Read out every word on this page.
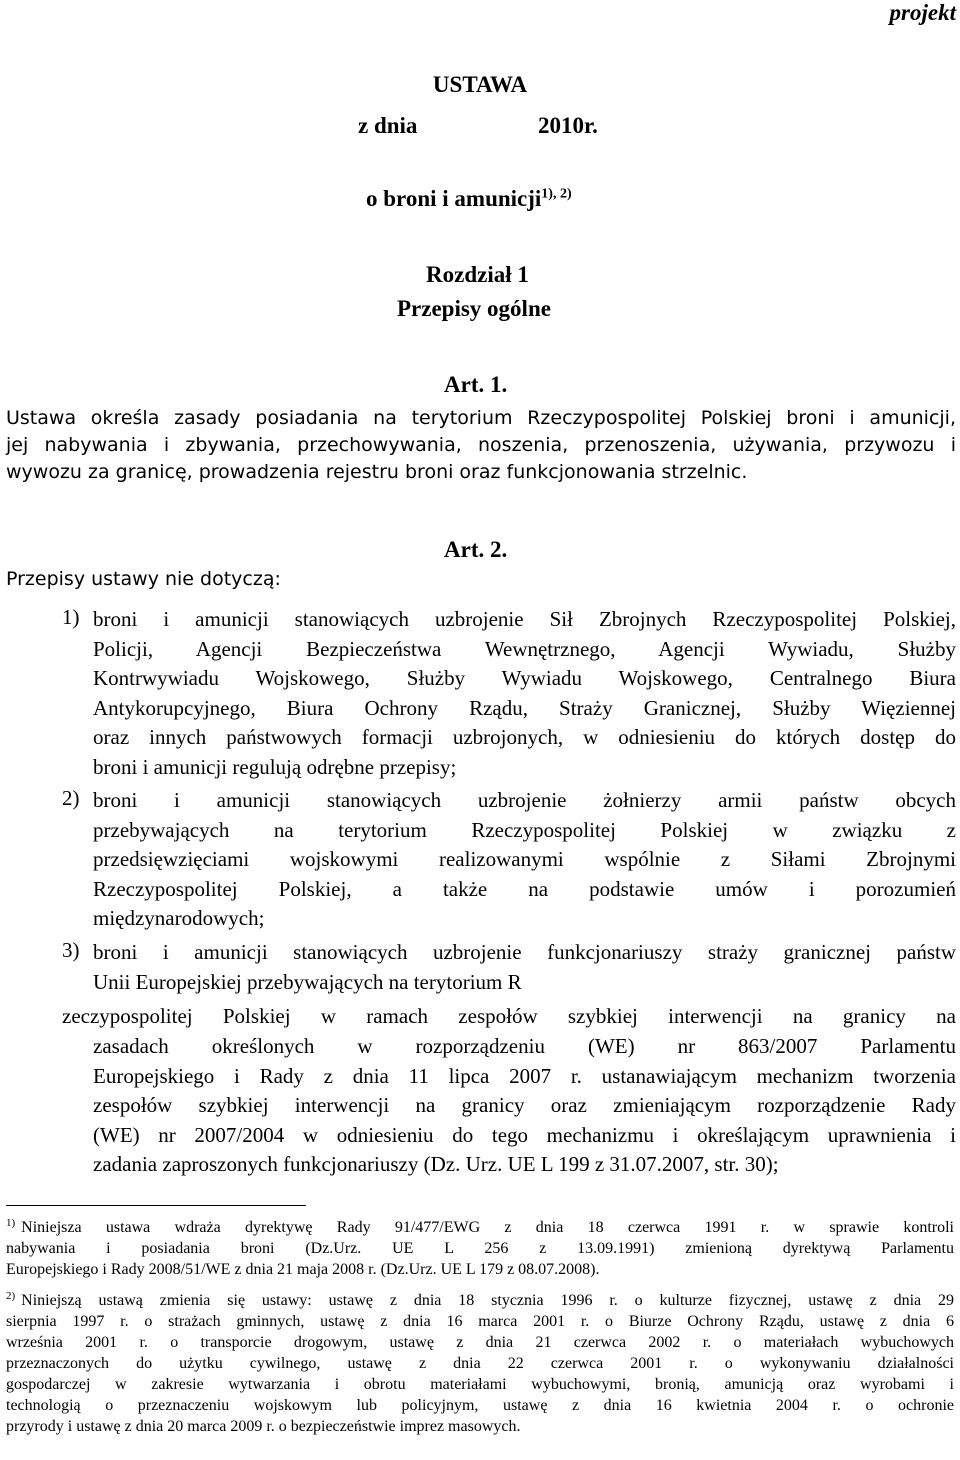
projekt
USTAWA
z dnia	2010r.
o broni i amunicji$^{1), 2)}$
Rozdział 1
Przepisy ogólne
Art. 1.
Ustawa określa zasady posiadania na terytorium Rzeczypospolitej Polskiej broni i amunicji,
jej nabywania i zbywania, przechowywania, noszenia, przenoszenia, używania, przywozu i
wywozu za granicę, prowadzenia rejestru broni oraz funkcjonowania strzelnic.
Art. 2.
Przepisy ustawy nie dotyczą:
1) broni i amunicji stanowiących uzbrojenie Sił Zbrojnych Rzeczypospolitej Polskiej,
Policji, Agencji Bezpieczeństwa Wewnętrznego, Agencji Wywiadu, Służby
Kontrwywiadu Wojskowego, Służby Wywiadu Wojskowego, Centralnego Biura
Antykorupcyjnego, Biura Ochrony Rządu, Straży Granicznej, Służby Więziennej
oraz innych państwowych formacji uzbrojonych, w odniesieniu do których dostęp do
broni i amunicji regulują odrębne przepisy;
2) broni i amunicji stanowiących uzbrojenie żołnierzy armii państw obcych
przebywających na terytorium Rzeczypospolitej Polskiej w związku z
przedsięwzięciami wojskowymi realizowanymi wspólnie z Siłami Zbrojnymi
Rzeczypospolitej Polskiej, a także na podstawie umów i porozumień
międzynarodowych;
3) broni i amunicji stanowiących uzbrojenie funkcjonariuszy straży granicznej państw
Unii Europejskiej przebywających na terytorium R
zeczypospolitej Polskiej w ramach zespołów szybkiej interwencji na granicy na
zasadach określonych w rozporządzeniu (WE) nr 863/2007 Parlamentu
Europejskiego i Rady z dnia 11 lipca 2007 r. ustanawiającym mechanizm tworzenia
zespołów szybkiej interwencji na granicy oraz zmieniającym rozporządzenie Rady
(WE) nr 2007/2004 w odniesieniu do tego mechanizmu i określającym uprawnienia i
zadania zaproszonych funkcjonariuszy (Dz. Urz. UE L 199 z 31.07.2007, str. 30);
$^{1)}$ Niniejsza ustawa wdraża dyrektywę Rady 91/477/EWG z dnia 18 czerwca 1991 r. w sprawie kontroli
nabywania i posiadania broni (Dz.Urz. UE L 256 z 13.09.1991) zmienioną dyrektywą Parlamentu
Europejskiego i Rady 2008/51/WE z dnia 21 maja 2008 r. (Dz.Urz. UE L 179 z 08.07.2008).
$^{2)}$ Niniejszą ustawą zmienia się ustawy: ustawę z dnia 18 stycznia 1996 r. o kulturze fizycznej, ustawę z dnia 29
sierpnia 1997 r. o strażach gminnych, ustawę z dnia 16 marca 2001 r. o Biurze Ochrony Rządu, ustawę z dnia 6
września 2001 r. o transporcie drogowym, ustawę z dnia 21 czerwca 2002 r. o materiałach wybuchowych
przeznaczonych do użytku cywilnego, ustawę z dnia 22 czerwca 2001 r. o wykonywaniu działalności
gospodarczej w zakresie wytwarzania i obrotu materiałami wybuchowymi, bronią, amunicją oraz wyrobami i
technologią o przeznaczeniu wojskowym lub policyjnym, ustawę z dnia 16 kwietnia 2004 r. o ochronie
przyrody i ustawę z dnia 20 marca 2009 r. o bezpieczeństwie imprez masowych.
